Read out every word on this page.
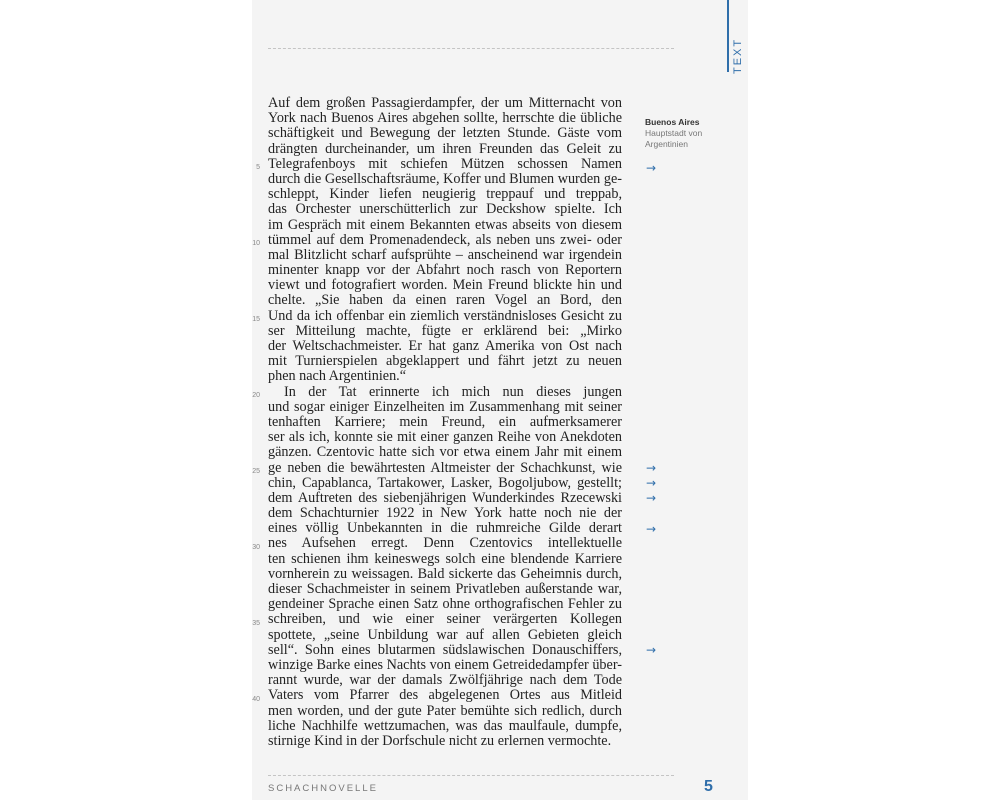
TEXT
Auf dem großen Passagierdampfer, der um Mitternacht von
York nach Buenos Aires abgehen sollte, herrschte die übliche
schäftigkeit und Bewegung der letzten Stunde. Gäste vom
drängten durcheinander, um ihren Freunden das Geleit zu
Telegrafenboys mit schiefen Mützen schossen Namen
durch die Gesellschaftsräume, Koffer und Blumen wurden ge-
schleppt, Kinder liefen neugierig treppauf und treppab,
das Orchester unerschütterlich zur Deckshow spielte. Ich
im Gespräch mit einem Bekannten etwas abseits von diesem
tümmel auf dem Promenadendeck, als neben uns zwei- oder
mal Blitzlicht scharf aufsprühte – anscheinend war irgendein
minenter knapp vor der Abfahrt noch rasch von Reportern
viewt und fotografiert worden. Mein Freund blickte hin und
chelte. „Sie haben da einen raren Vogel an Bord, den
Und da ich offenbar ein ziemlich verständnisloses Gesicht zu
ser Mitteilung machte, fügte er erklärend bei: „Mirko
der Weltschachmeister. Er hat ganz Amerika von Ost nach
mit Turnierspielen abgeklappert und fährt jetzt zu neuen
phen nach Argentinien.“
In der Tat erinnerte ich mich nun dieses jungen
und sogar einiger Einzelheiten im Zusammenhang mit seiner
tenhaften Karriere; mein Freund, ein aufmerksamerer
ser als ich, konnte sie mit einer ganzen Reihe von Anekdoten
gänzen. Czentovic hatte sich vor etwa einem Jahr mit einem
ge neben die bewährtesten Altmeister der Schachkunst, wie
chin, Capablanca, Tartakower, Lasker, Bogoljubow, gestellt;
dem Auftreten des siebenjährigen Wunderkindes Rzecewski
dem Schachturnier 1922 in New York hatte noch nie der
eines völlig Unbekannten in die ruhmreiche Gilde derart
nes Aufsehen erregt. Denn Czentovics intellektuelle
ten schienen ihm keineswegs solch eine blendende Karriere
vornherein zu weissagen. Bald sickerte das Geheimnis durch,
dieser Schachmeister in seinem Privatleben außerstande war,
gendeiner Sprache einen Satz ohne orthografischen Fehler zu
schreiben, und wie einer seiner verärgerten Kollegen
spottete, „seine Unbildung war auf allen Gebieten gleich
sell“. Sohn eines blutarmen südslawischen Donauschiffers,
winzige Barke eines Nachts von einem Getreidedampfer über-
rannt wurde, war der damals Zwölfjährige nach dem Tode
Vaters vom Pfarrer des abgelegenen Ortes aus Mitleid
men worden, und der gute Pater bemühte sich redlich, durch
liche Nachhilfe wettzumachen, was das maulfaule, dumpfe,
stirnige Kind in der Dorfschule nicht zu erlernen vermochte.
5
10
15
20
25
30
35
40
Buenos Aires
Hauptstadt von
Argentinien
→
→
→
→
→
→
SCHACHNOVELLE	5
